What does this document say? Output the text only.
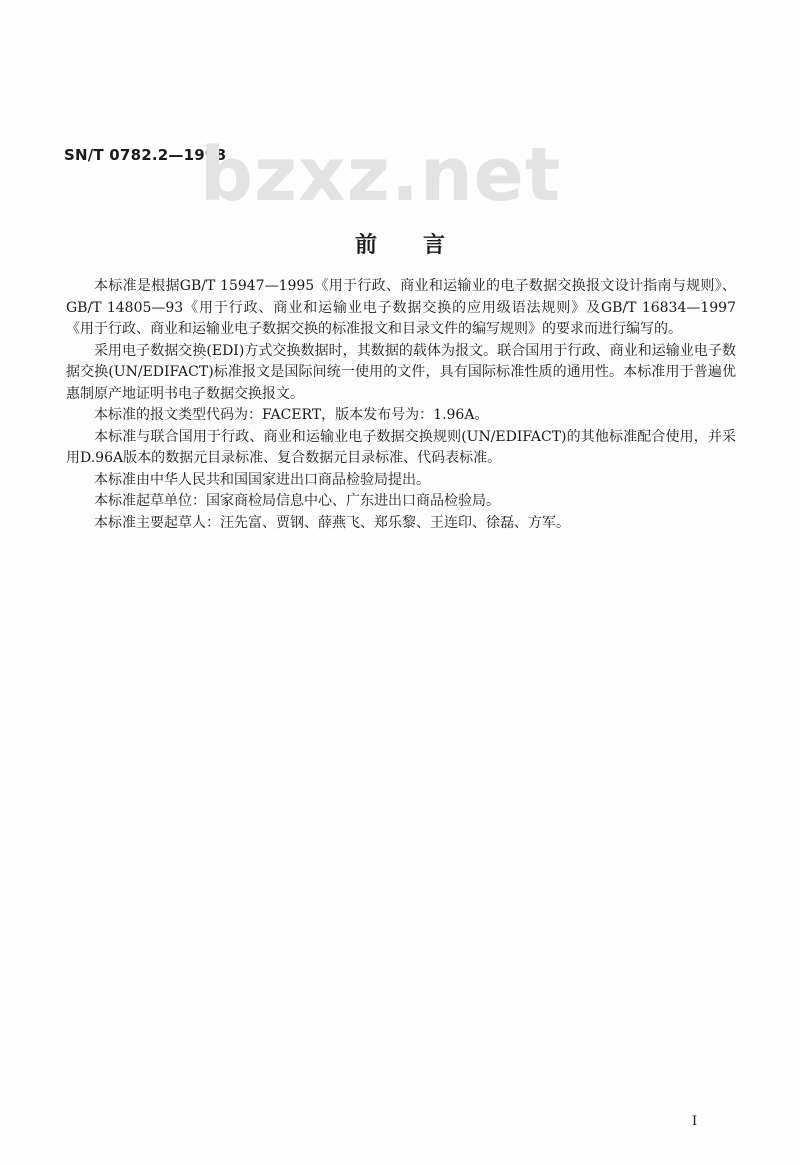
SN/T 0782.2—1998
bzxz.net
前言

本标准是根据GB/T 15947—1995《用于行政、商业和运输业的电子数据交换报文设计指南与规则》、GB/T 14805—93《用于行政、商业和运输业电子数据交换的应用级语法规则》及GB/T 16834—1997《用于行政、商业和运输业电子数据交换的标准报文和目录文件的编写规则》的要求而进行编写的。

采用电子数据交换(EDI)方式交换数据时，其数据的载体为报文。联合国用于行政、商业和运输业电子数据交换(UN/EDIFACT)标准报文是国际间统一使用的文件，具有国际标准性质的通用性。本标准用于普遍优惠制原产地证明书电子数据交换报文。

本标准的报文类型代码为：FACERT，版本发布号为：1.96A。

本标准与联合国用于行政、商业和运输业电子数据交换规则(UN/EDIFACT)的其他标准配合使用，并采用D.96A版本的数据元目录标准、复合数据元目录标准、代码表标准。

本标准由中华人民共和国国家进出口商品检验局提出。

本标准起草单位：国家商检局信息中心、广东进出口商品检验局。

本标准主要起草人：汪先富、贾钢、薛燕飞、郑乐黎、王连印、徐磊、方军。

I
